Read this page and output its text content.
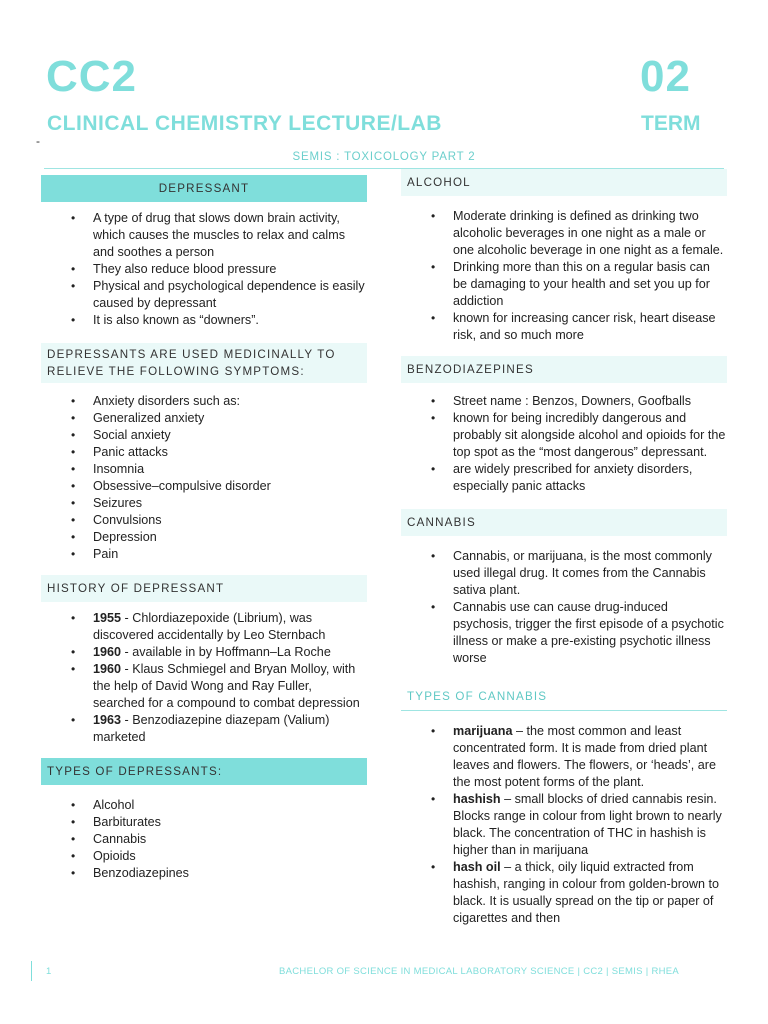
CC2	02
CLINICAL CHEMISTRY LECTURE/LAB	TERM
-
SEMIS : TOXICOLOGY PART 2
DEPRESSANT
• A type of drug that slows down brain activity, which causes the muscles to relax and calms and soothes a person
• They also reduce blood pressure
• Physical and psychological dependence is easily caused by depressant
• It is also known as “downers”.
DEPRESSANTS ARE USED MEDICINALLY TO RELIEVE THE FOLLOWING SYMPTOMS:
• Anxiety disorders such as:
• Generalized anxiety
• Social anxiety
• Panic attacks
• Insomnia
• Obsessive–compulsive disorder
• Seizures
• Convulsions
• Depression
• Pain
HISTORY OF DEPRESSANT
• 1955 - Chlordiazepoxide (Librium), was discovered accidentally by Leo Sternbach
• 1960 - available in by Hoffmann–La Roche
• 1960 - Klaus Schmiegel and Bryan Molloy, with the help of David Wong and Ray Fuller, searched for a compound to combat depression
• 1963 - Benzodiazepine diazepam (Valium) marketed
TYPES OF DEPRESSANTS:
• Alcohol
• Barbiturates
• Cannabis
• Opioids
• Benzodiazepines
ALCOHOL
• Moderate drinking is defined as drinking two alcoholic beverages in one night as a male or one alcoholic beverage in one night as a female.
• Drinking more than this on a regular basis can be damaging to your health and set you up for addiction
• known for increasing cancer risk, heart disease risk, and so much more
BENZODIAZEPINES
• Street name : Benzos, Downers, Goofballs
• known for being incredibly dangerous and probably sit alongside alcohol and opioids for the top spot as the “most dangerous” depressant.
• are widely prescribed for anxiety disorders, especially panic attacks
CANNABIS
• Cannabis, or marijuana, is the most commonly used illegal drug. It comes from the Cannabis sativa plant.
• Cannabis use can cause drug-induced psychosis, trigger the first episode of a psychotic illness or make a pre-existing psychotic illness worse
TYPES OF CANNABIS
• marijuana – the most common and least concentrated form. It is made from dried plant leaves and flowers. The flowers, or ‘heads’, are the most potent forms of the plant.
• hashish – small blocks of dried cannabis resin. Blocks range in colour from light brown to nearly black. The concentration of THC in hashish is higher than in marijuana
• hash oil – a thick, oily liquid extracted from hashish, ranging in colour from golden-brown to black. It is usually spread on the tip or paper of cigarettes and then
1	BACHELOR OF SCIENCE IN MEDICAL LABORATORY SCIENCE | CC2 | SEMIS | RHEA
